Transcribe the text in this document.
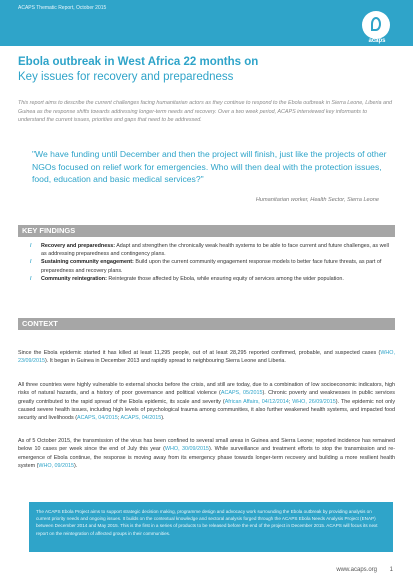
ACAPS Thematic Report, October 2015
acaps
Ebola outbreak in West Africa 22 months on
Key issues for recovery and preparedness
This report aims to describe the current challenges facing humanitarian actors as they continue to respond to the Ebola outbreak in Sierra Leone, Liberia and Guinea as the response shifts towards addressing longer-term needs and recovery. Over a two week period, ACAPS interviewed key informants to understand the current issues, priorities and gaps that need to be addressed.
"We have funding until December and then the project will finish, just like the projects of other NGOs focused on relief work for emergencies. Who will then deal with the protection issues, food, education and basic medical services?"
Humanitarian worker, Health Sector, Sierra Leone
KEY FINDINGS
/ Recovery and preparedness: Adapt and strengthen the chronically weak health systems to be able to face current and future challenges, as well as addressing preparedness and contingency plans.
/ Sustaining community engagement: Build upon the current community engagement response models to better face future threats, as part of preparedness and recovery plans.
/ Community reintegration: Reintegrate those affected by Ebola, while ensuring equity of services among the wider population.
CONTEXT
Since the Ebola epidemic started it has killed at least 11,295 people, out of at least 28,295 reported confirmed, probable, and suspected cases (WHO, 23/09/2015). It began in Guinea in December 2013 and rapidly spread to neighbouring Sierra Leone and Liberia.
All three countries were highly vulnerable to external shocks before the crisis, and still are today, due to a combination of low socioeconomic indicators, high risks of natural hazards, and a history of poor governance and political violence (ACAPS, 05/2015). Chronic poverty and weaknesses in public services greatly contributed to the rapid spread of the Ebola epidemic, its scale and severity (African Affairs, 04/12/2014; WHO, 26/09/2015). The epidemic not only caused severe health issues, including high levels of psychological trauma among communities, it also further weakened health systems, and impacted food security and livelihoods (ACAPS, 04/2015; ACAPS, 04/2015).
As of 5 October 2015, the transmission of the virus has been confined to several small areas in Guinea and Sierra Leone; reported incidence has remained below 10 cases per week since the end of July this year (WHO, 30/09/2015). While surveillance and treatment efforts to stop the transmission and re-emergence of Ebola continue, the response is moving away from its emergency phase towards longer-term recovery and building a more resilient health system (WHO, 09/2015).
The ACAPS Ebola Project aims to support strategic decision making, programme design and advocacy work surrounding the Ebola outbreak by providing analysis on current priority needs and ongoing issues. It builds on the contextual knowledge and sectoral analysis forged through the ACAPS Ebola Needs Analysis Project (ENAP) between December 2014 and May 2015. This is the first in a series of products to be released before the end of the project in December 2015. ACAPS will focus its next report on the reintegration of affected groups in their communities.
www.acaps.org 1
